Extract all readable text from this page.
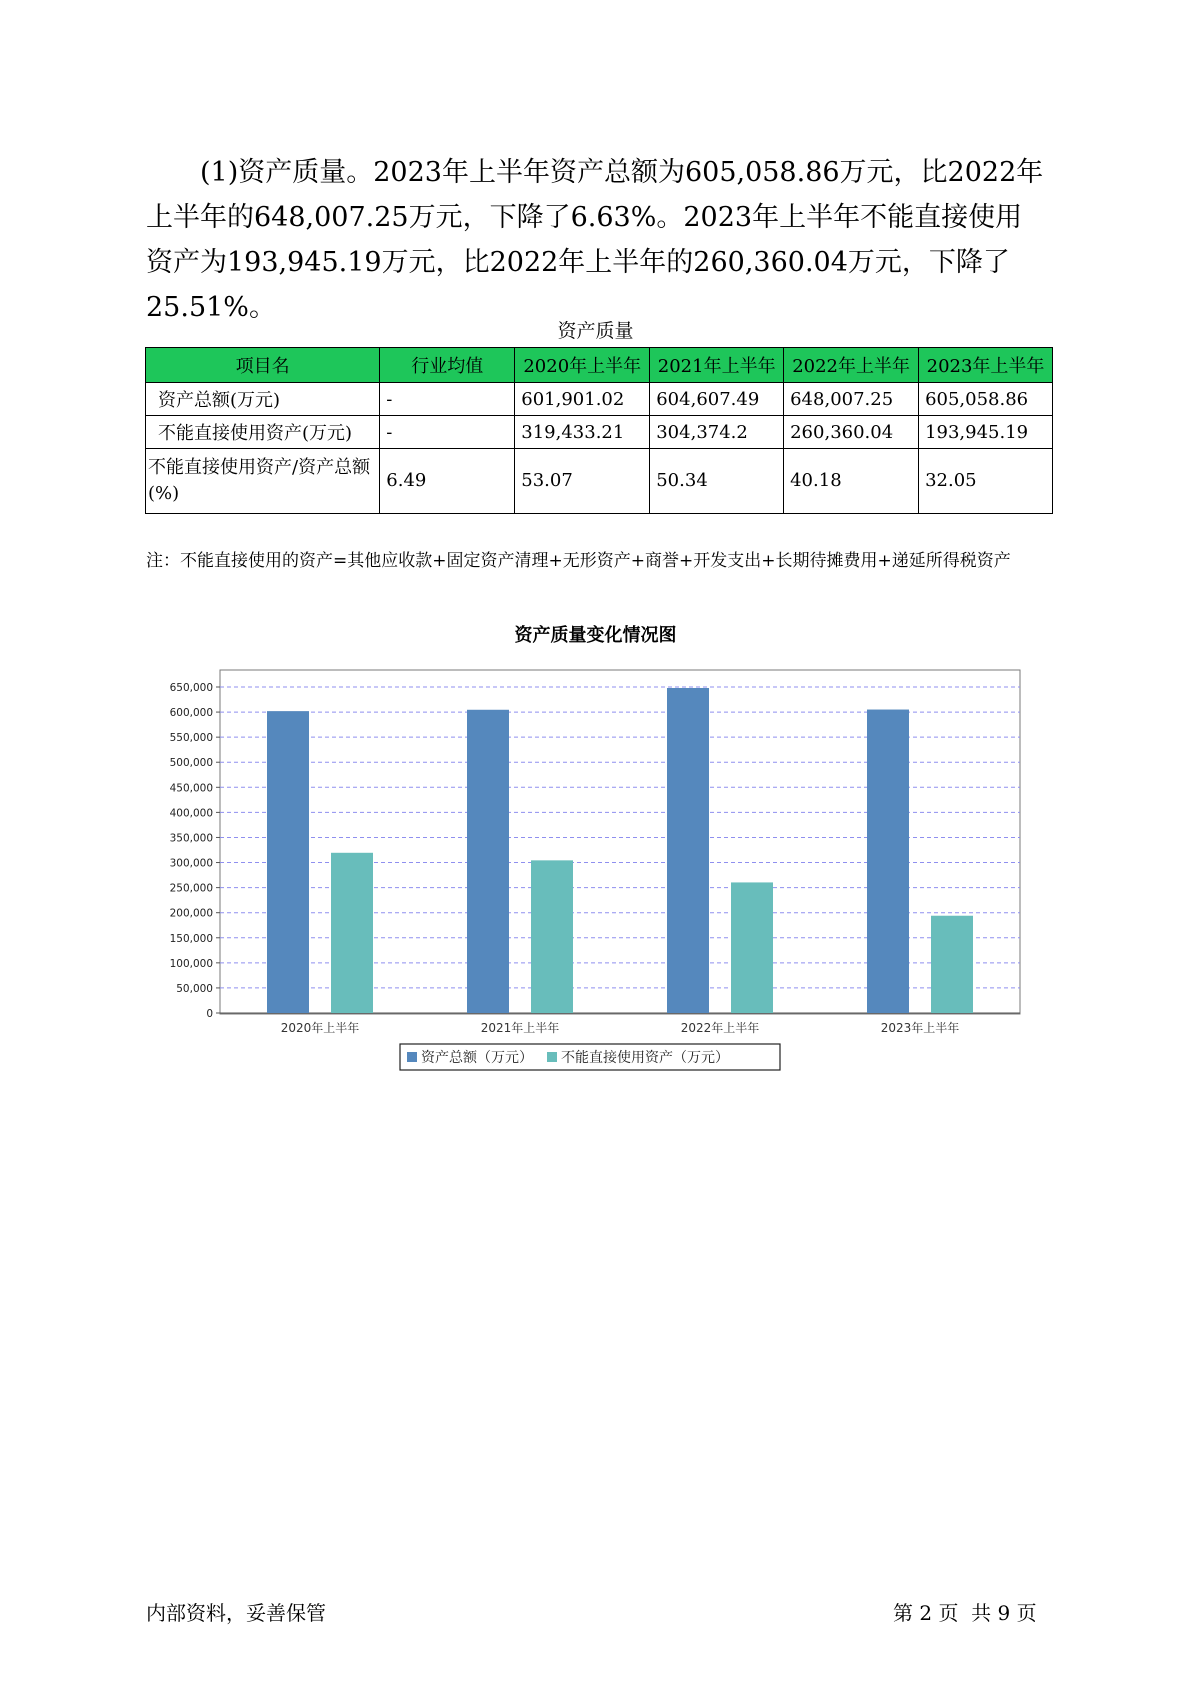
(1)资产质量。2023年上半年资产总额为605,058.86万元，比2022年上半年的648,007.25万元，下降了6.63%。2023年上半年不能直接使用资产为193,945.19万元，比2022年上半年的260,360.04万元，下降了25.51%。

资产质量
项目名	行业均值	2020年上半年	2021年上半年	2022年上半年	2023年上半年
资产总额(万元)	-	601,901.02	604,607.49	648,007.25	605,058.86
不能直接使用资产(万元)	-	319,433.21	304,374.2	260,360.04	193,945.19
不能直接使用资产/资产总额(%)	6.49	53.07	50.34	40.18	32.05
注：不能直接使用的资产=其他应收款+固定资产清理+无形资产+商誉+开发支出+长期待摊费用+递延所得税资产
资产质量变化情况图
0
50,000
100,000
150,000
200,000
250,000
300,000
350,000
400,000
450,000
500,000
550,000
600,000
650,000
2020年上半年	2021年上半年	2022年上半年	2023年上半年
资产总额（万元） 不能直接使用资产（万元）
内部资料，妥善保管	第 2 页  共 9 页
